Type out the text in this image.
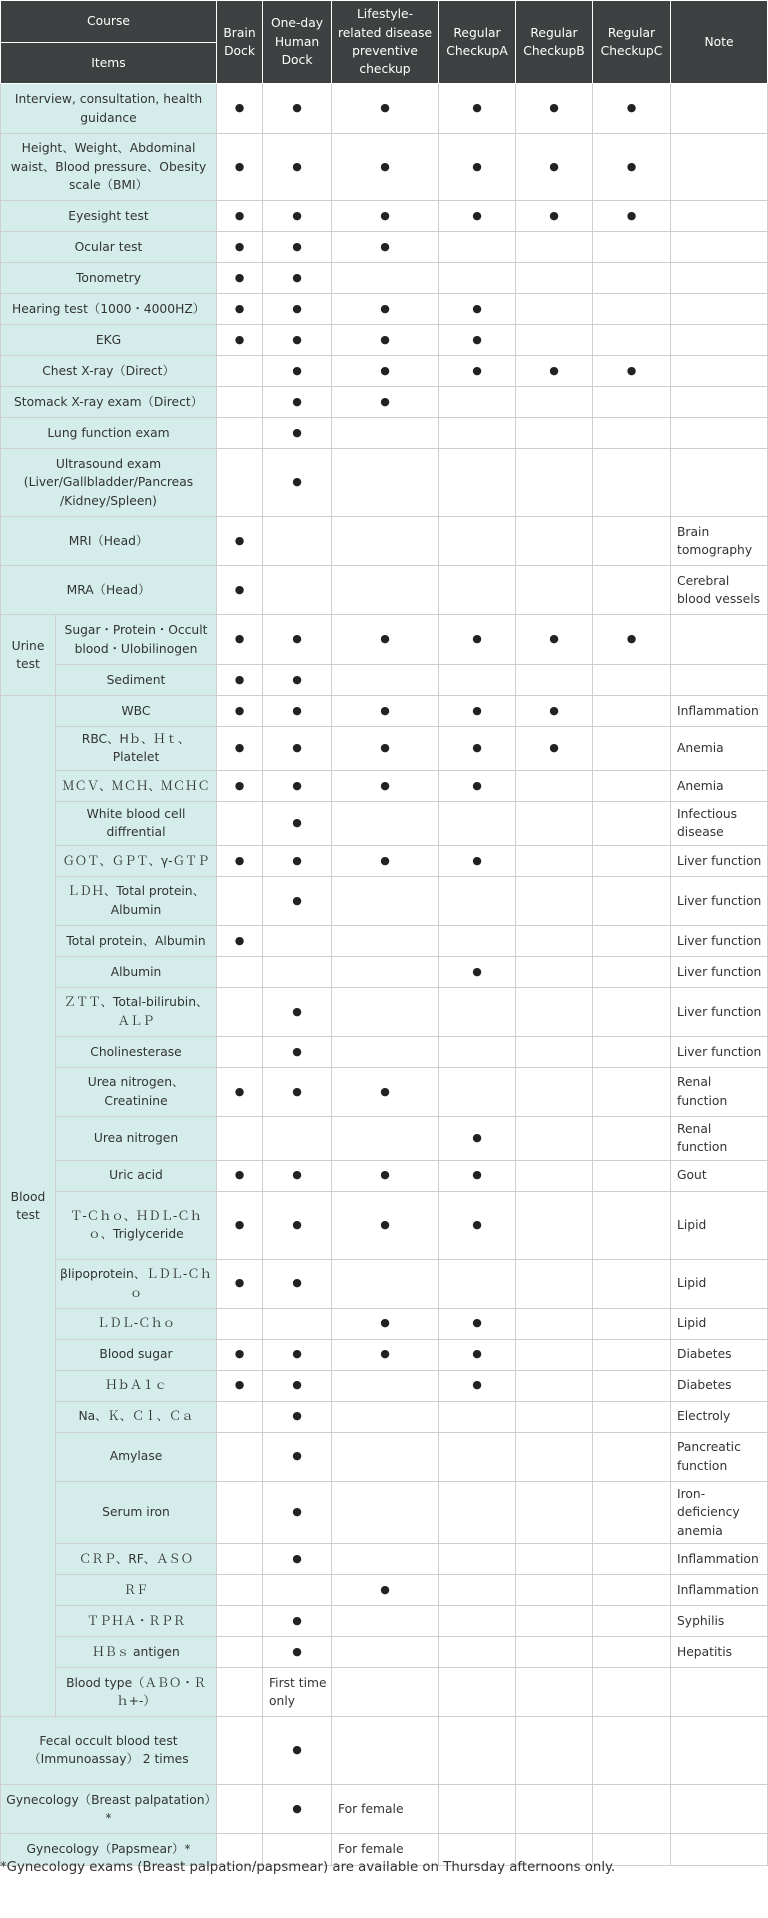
Course		Brain Dock	One-day Human Dock	Lifestyle-related disease preventive checkup	Regular CheckupA	Regular CheckupB	Regular CheckupC	Note
Items								
Interview, consultation, health guidance		●	●	●	●	●	●	
Height、Weight、Abdominal waist、Blood pressure、Obesity scale（BMI）		●	●	●	●	●	●	
Eyesight test		●	●	●	●	●	●	
Ocular test		●	●	●				
Tonometry		●	●					
Hearing test（1000・4000HZ）		●	●	●	●			
EKG		●	●	●	●			
Chest X-ray（Direct）			●	●	●	●	●	
Stomack X-ray exam（Direct）			●	●				
Lung function exam			●					
Ultrasound exam (Liver/Gallbladder/Pancreas /Kidney/Spleen)			●					
MRI（Head）		●						Brain tomography
MRA（Head）		●						Cerebral blood vessels
Urine test	Sugar・Protein・Occult blood・Ulobilinogen	●	●	●	●	●	●	
	Sediment	●	●					
Blood test	WBC	●	●	●	●	●		Inflammation
	RBC、Hｂ、Ｈｔ、Platelet	●	●	●	●	●		Anemia
	ＭＣＶ、ＭＣＨ、ＭＣＨＣ	●	●	●	●			Anemia
	White blood cell diffrential		●					Infectious disease
	ＧＯＴ、ＧＰＴ、γ-ＧＴＰ	●	●	●	●			Liver function
	ＬＤＨ、Total protein、Albumin		●					Liver function
	Total protein、Albumin	●						Liver function
	Albumin				●			Liver function
	ＺＴＴ、Total-bilirubin、ＡＬＰ		●					Liver function
	Cholinesterase		●					Liver function
	Urea nitrogen、Creatinine	●	●	●				Renal function
	Urea nitrogen				●			Renal function
	Uric acid	●	●	●	●			Gout
	Ｔ-Ｃｈｏ、ＨＤＬ-Ｃｈｏ、Triglyceride	●	●	●	●			Lipid
	βlipoprotein、ＬＤＬ-Ｃｈｏ	●	●					Lipid
	ＬＤＬ-Ｃｈｏ			●	●			Lipid
	Blood sugar	●	●	●	●			Diabetes
	ＨｂＡ１ｃ	●	●		●			Diabetes
	Na、Ｋ、Ｃｌ、Ｃａ		●					Electroly
	Amylase		●					Pancreatic function
	Serum iron		●					Iron-deficiency anemia
	ＣＲＰ、RF、ＡＳＯ		●					Inflammation
	ＲＦ			●				Inflammation
	ＴＰＨＡ・ＲＰＲ		●					Syphilis
	ＨＢｓ antigen		●					Hepatitis
	Blood type（ＡＢＯ・Ｒｈ+-）		First time only					
Fecal occult blood test（Immunoassay） 2 times			●					
Gynecology（Breast palpatation）*			●	For female				
Gynecology（Papsmear）*				For female				
*Gynecology exams (Breast palpation/papsmear) are available on Thursday afternoons only.
